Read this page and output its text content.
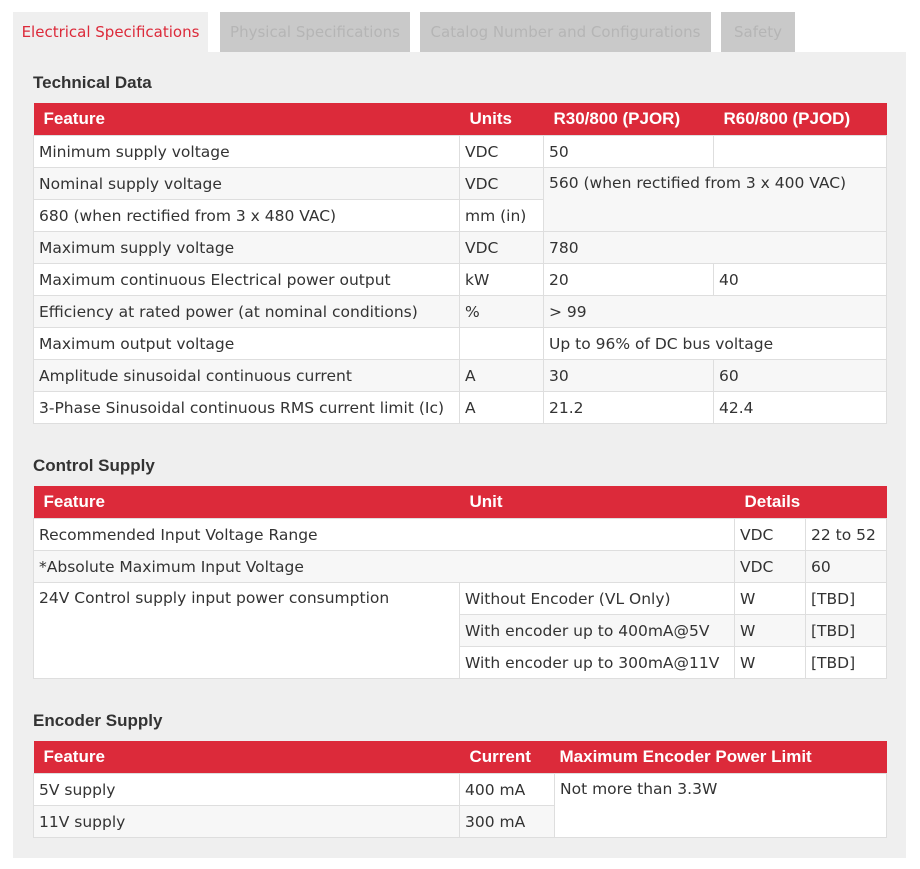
Electrical Specifications	Physical Specifications	Catalog Number and Configurations	Safety
Technical Data
Feature	Units	R30/800 (PJOR)	R60/800 (PJOD)
Minimum supply voltage	VDC	50	
Nominal supply voltage	VDC	560 (when rectified from 3 x 400 VAC)	
680 (when rectified from 3 x 480 VAC)	mm (in)		
Maximum supply voltage	VDC	780	
Maximum continuous Electrical power output	kW	20	40
Efficiency at rated power (at nominal conditions)	%	> 99	
Maximum output voltage		Up to 96% of DC bus voltage	
Amplitude sinusoidal continuous current	A	30	60
3-Phase Sinusoidal continuous RMS current limit (Ic)	A	21.2	42.4
Control Supply
Feature	Unit	Details	
Recommended Input Voltage Range		VDC	22 to 52
*Absolute Maximum Input Voltage		VDC	60
24V Control supply input power consumption	Without Encoder (VL Only)	W	[TBD]
	With encoder up to 400mA@5V	W	[TBD]
	With encoder up to 300mA@11V	W	[TBD]
Encoder Supply
Feature	Current	Maximum Encoder Power Limit
5V supply	400 mA	Not more than 3.3W
11V supply	300 mA	
